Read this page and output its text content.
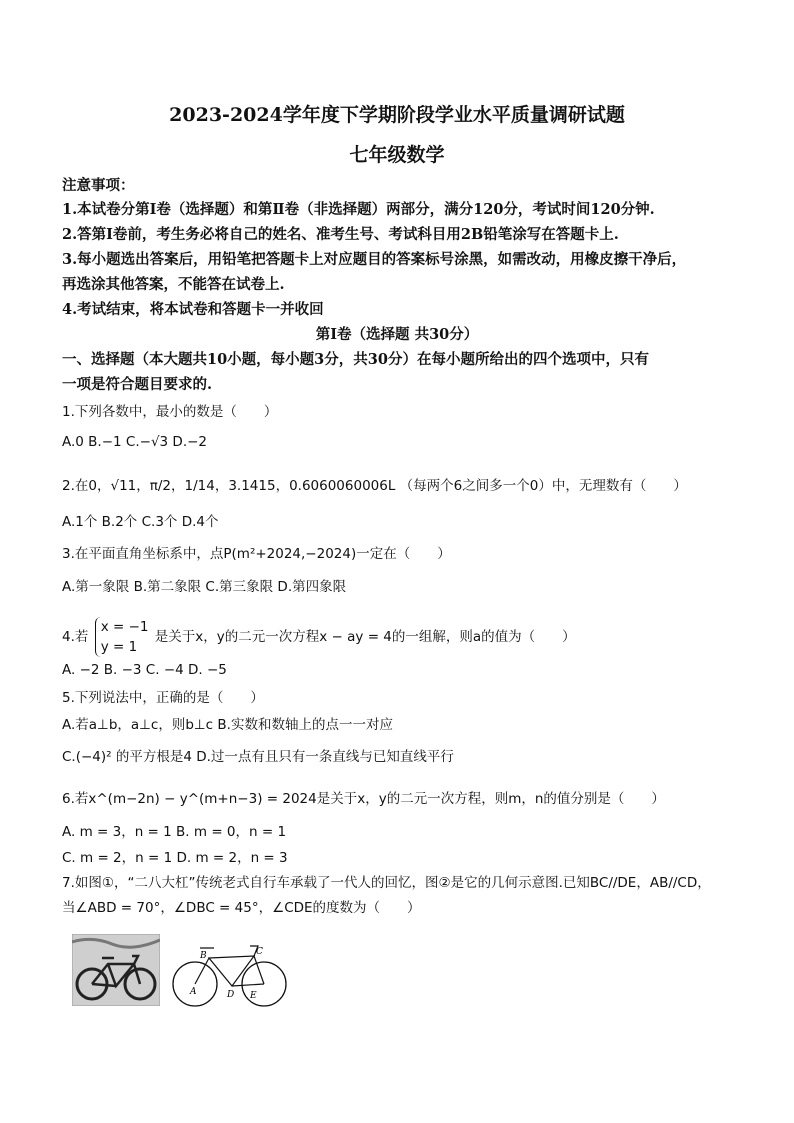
2023-2024学年度下学期阶段学业水平质量调研试题
七年级数学
注意事项：
1.本试卷分第Ⅰ卷（选择题）和第Ⅱ卷（非选择题）两部分，满分120分，考试时间120分钟.
2.答第Ⅰ卷前，考生务必将自己的姓名、准考生号、考试科目用2B铅笔涂写在答题卡上.
3.每小题选出答案后，用铅笔把答题卡上对应题目的答案标号涂黑，如需改动，用橡皮擦干净后，
再选涂其他答案，不能答在试卷上.
4.考试结束，将本试卷和答题卡一并收回
第Ⅰ卷（选择题 共30分）
一、选择题（本大题共10小题，每小题3分，共30分）在每小题所给出的四个选项中，只有
一项是符合题目要求的.
1.下列各数中，最小的数是（　　）
A.0 B.−1 C.−√3 D.−2
2.在0，√11，π/2，1/14，3.1415，0.6060060006L （每两个6之间多一个0）中，无理数有（　　）
A.1个 B.2个 C.3个 D.4个
3.在平面直角坐标系中，点P(m²+2024,−2024)一定在（　　）
A.第一象限 B.第二象限 C.第三象限 D.第四象限
4.若
x = −1
y = 1
是关于x，y的二元一次方程x − ay = 4的一组解，则a的值为（　　）
A. −2 B. −3 C. −4 D. −5
5.下列说法中，正确的是（　　）
A.若a⊥b，a⊥c，则b⊥c B.实数和数轴上的点一一对应
C.(−4)² 的平方根是4 D.过一点有且只有一条直线与已知直线平行
6.若x^(m−2n) − y^(m+n−3) = 2024是关于x，y的二元一次方程，则m，n的值分别是（　　）
A. m = 3，n = 1 B. m = 0，n = 1
C. m = 2，n = 1 D. m = 2，n = 3
7.如图①，“二八大杠”传统老式自行车承载了一代人的回忆，图②是它的几何示意图.已知BC//DE，AB//CD，
当∠ABD = 70°，∠DBC = 45°，∠CDE的度数为（　　）
B	C
A	D E
